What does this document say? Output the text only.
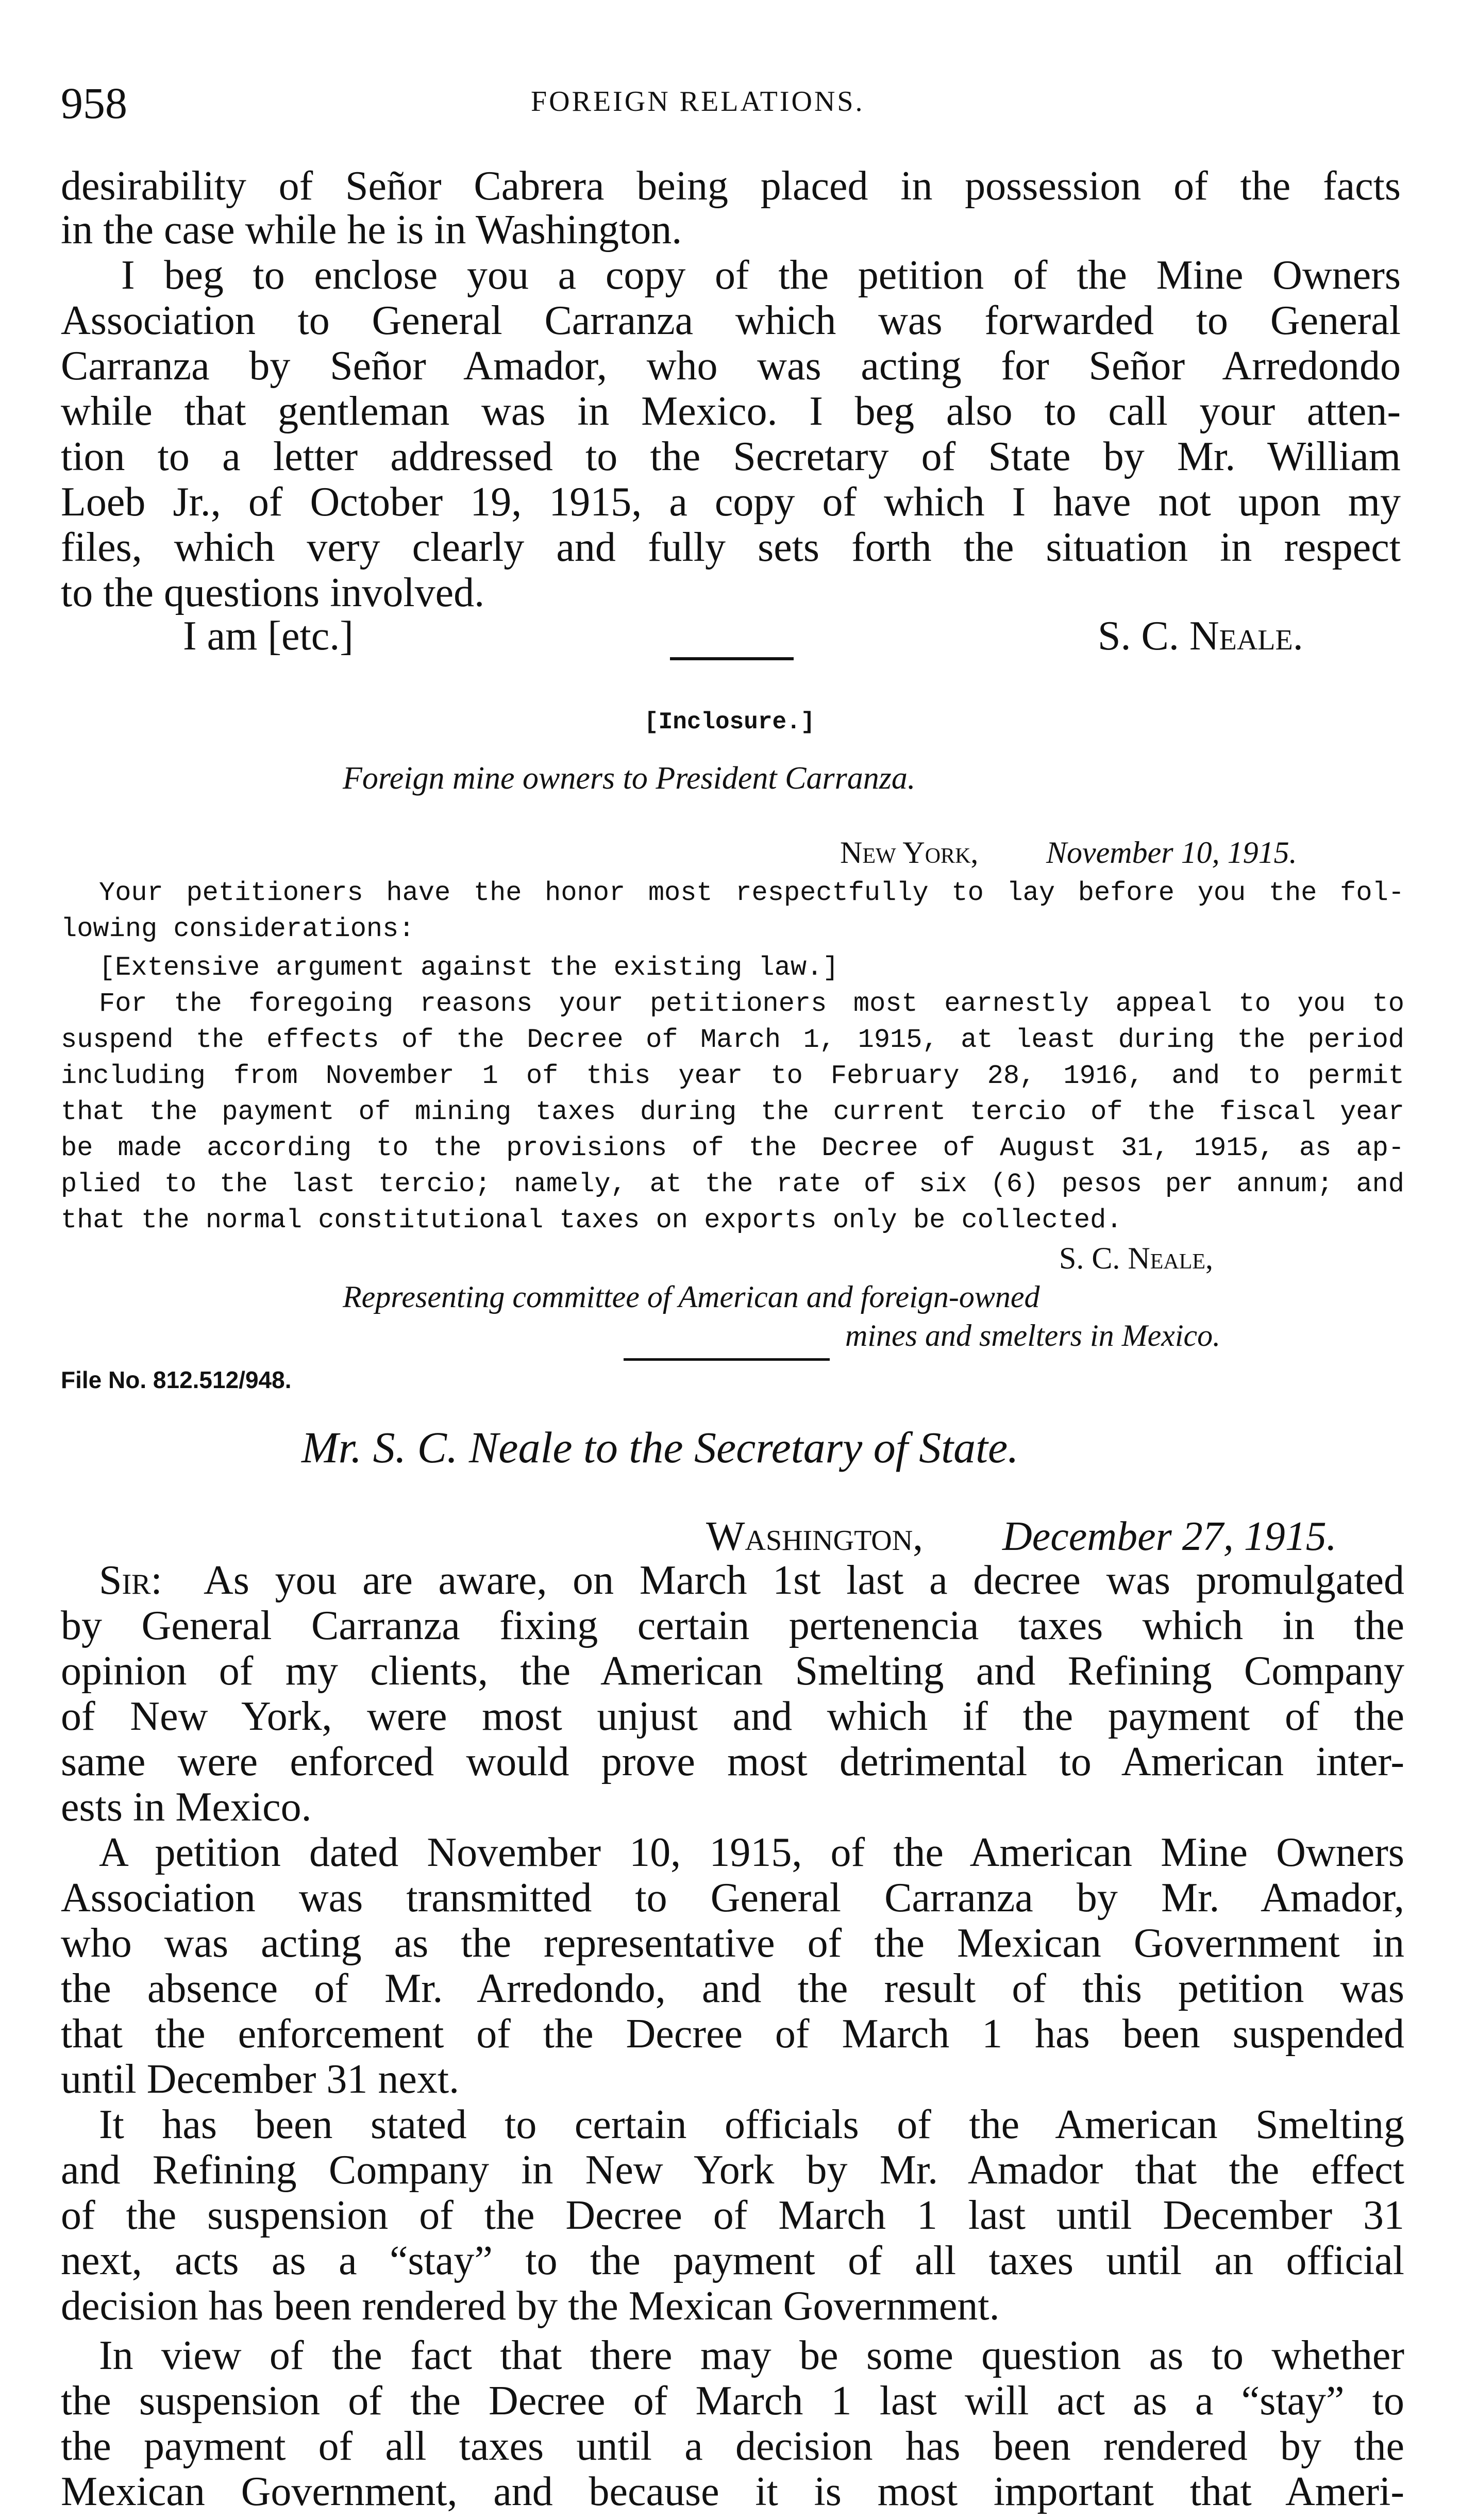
958	FOREIGN RELATIONS.
desirability of Señor Cabrera being placed in possession of the facts
in the case while he is in Washington.
I beg to enclose you a copy of the petition of the Mine Owners
Association to General Carranza which was forwarded to General
Carranza by Señor Amador, who was acting for Señor Arredondo
while that gentleman was in Mexico. I beg also to call your atten-
tion to a letter addressed to the Secretary of State by Mr. William
Loeb Jr., of October 19, 1915, a copy of which I have not upon my
files, which very clearly and fully sets forth the situation in respect
to the questions involved.
I am [etc.]	S. C. Neale.
[Inclosure.]
Foreign mine owners to President Carranza.
New York, November 10, 1915.
Your petitioners have the honor most respectfully to lay before you the fol-
lowing considerations:
[Extensive argument against the existing law.]
For the foregoing reasons your petitioners most earnestly appeal to you to
suspend the effects of the Decree of March 1, 1915, at least during the period
including from November 1 of this year to February 28, 1916, and to permit
that the payment of mining taxes during the current tercio of the fiscal year
be made according to the provisions of the Decree of August 31, 1915, as ap-
plied to the last tercio; namely, at the rate of six (6) pesos per annum; and
that the normal constitutional taxes on exports only be collected.
S. C. Neale,
Representing committee of American and foreign-owned
mines and smelters in Mexico.
File No. 812.512/948.
Mr. S. C. Neale to the Secretary of State.
Washington, December 27, 1915.
Sir: As you are aware, on March 1st last a decree was promulgated
by General Carranza fixing certain pertenencia taxes which in the
opinion of my clients, the American Smelting and Refining Company
of New York, were most unjust and which if the payment of the
same were enforced would prove most detrimental to American inter-
ests in Mexico.
A petition dated November 10, 1915, of the American Mine Owners
Association was transmitted to General Carranza by Mr. Amador,
who was acting as the representative of the Mexican Government in
the absence of Mr. Arredondo, and the result of this petition was
that the enforcement of the Decree of March 1 has been suspended
until December 31 next.
It has been stated to certain officials of the American Smelting
and Refining Company in New York by Mr. Amador that the effect
of the suspension of the Decree of March 1 last until December 31
next, acts as a “stay” to the payment of all taxes until an official
decision has been rendered by the Mexican Government.
In view of the fact that there may be some question as to whether
the suspension of the Decree of March 1 last will act as a “stay” to
the payment of all taxes until a decision has been rendered by the
Mexican Government, and because it is most important that Ameri-
